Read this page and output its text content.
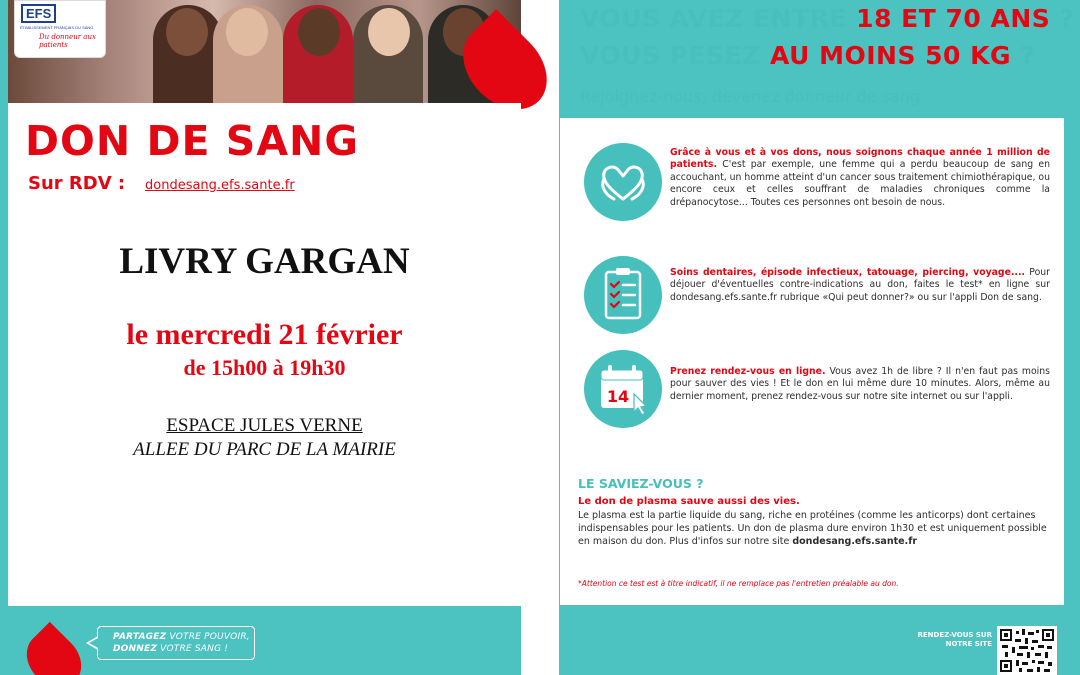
EFS
ÉTABLISSEMENT FRANÇAIS DU SANG
Du donneur aux patients
DON DE SANG
Sur RDV : dondesang.efs.sante.fr
LIVRY GARGAN
le mercredi 21 février
de 15h00 à 19h30
ESPACE JULES VERNE
ALLEE DU PARC DE LA MAIRIE
PARTAGEZ VOTRE POUVOIR,
DONNEZ VOTRE SANG !
VOUS AVEZ ENTRE 18 ET 70 ANS ?
VOUS PESEZ AU MOINS 50 KG ?
Rejoignez-nous, devenez donneur de sang.
14
Grâce à vous et à vos dons, nous soignons chaque année 1 million de patients. C'est par exemple, une femme qui a perdu beaucoup de sang en accouchant, un homme atteint d'un cancer sous traitement chimiothérapique, ou encore ceux et celles souffrant de maladies chroniques comme la drépanocytose... Toutes ces personnes ont besoin de nous.
Soins dentaires, épisode infectieux, tatouage, piercing, voyage.... Pour déjouer d'éventuelles contre-indications au don, faites le test* en ligne sur dondesang.efs.sante.fr rubrique «Qui peut donner?» ou sur l'appli Don de sang.
Prenez rendez-vous en ligne. Vous avez 1h de libre ? Il n'en faut pas moins pour sauver des vies ! Et le don en lui même dure 10 minutes. Alors, même au dernier moment, prenez rendez-vous sur notre site internet ou sur l'appli.
LE SAVIEZ-VOUS ?
Le don de plasma sauve aussi des vies.
Le plasma est la partie liquide du sang, riche en protéines (comme les anticorps) dont certaines indispensables pour les patients. Un don de plasma dure environ 1h30 et est uniquement possible en maison du don. Plus d'infos sur notre site dondesang.efs.sante.fr
*Attention ce test est à titre indicatif, il ne remplace pas l'entretien préalable au don.
RENDEZ-VOUS SUR NOTRE SITE
